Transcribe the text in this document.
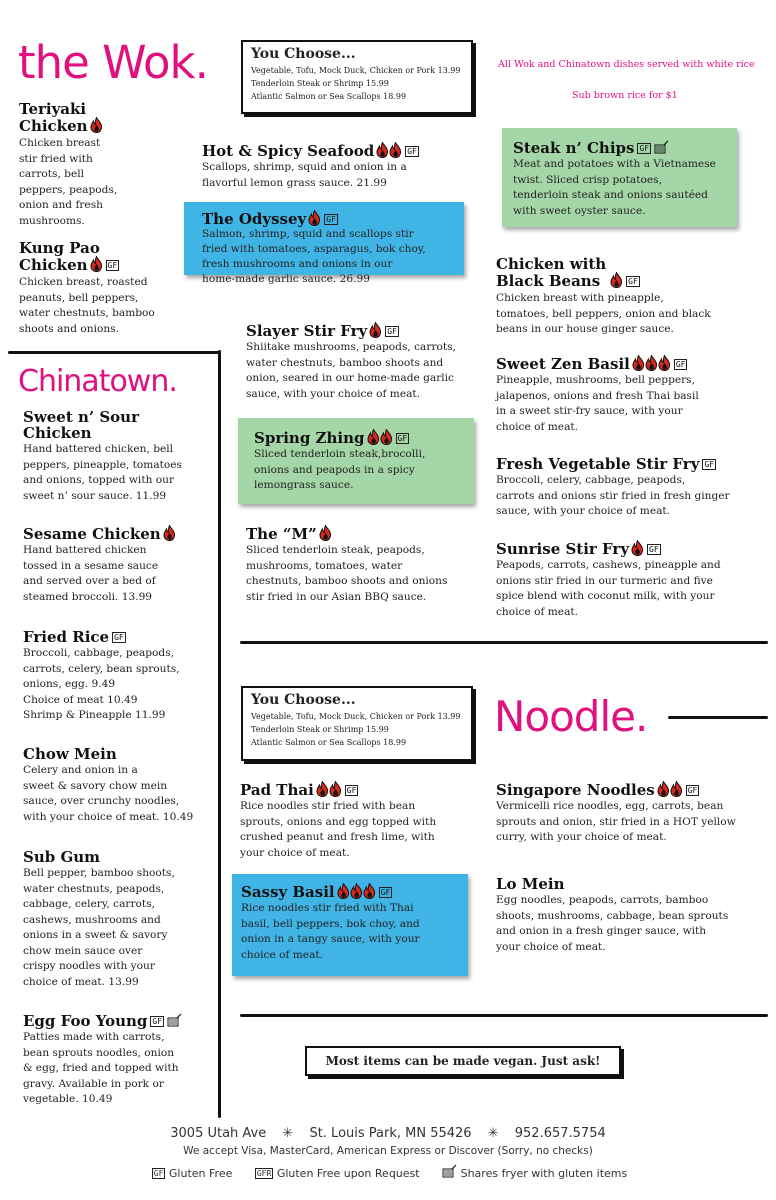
the Wok.	All Wok and Chinatown dishes served with white rice
Sub brown rice for $1
You Choose...
Vegetable, Tofu, Mock Duck, Chicken or Pork 13.99
Tenderloin Steak or Shrimp 15.99
Atlantic Salmon or Sea Scallops 18.99
Teriyaki
Chicken
Chicken breast
stir fried with
carrots, bell
peppers, peapods,
onion and fresh
mushrooms.
Kung Pao
Chicken	GF
Chicken breast, roasted
peanuts, bell peppers,
water chestnuts, bamboo
shoots and onions.
Hot & Spicy Seafood	GF
Scallops, shrimp, squid and onion in a
flavorful lemon grass sauce. 21.99
The Odyssey	GF
Salmon, shrimp, squid and scallops stir
fried with tomatoes, asparagus, bok choy,
fresh mushrooms and onions in our
home-made garlic sauce. 26.99
Slayer Stir Fry	GF
Shiitake mushrooms, peapods, carrots,
water chestnuts, bamboo shoots and
onion, seared in our home-made garlic
sauce, with your choice of meat.
Spring Zhing	GF
Sliced tenderloin steak,brocolli,
onions and peapods in a spicy
lemongrass sauce.
The “M”
Sliced tenderloin steak, peapods,
mushrooms, tomatoes, water
chestnuts, bamboo shoots and onions
stir fried in our Asian BBQ sauce.
Steak n’ Chips GF
Meat and potatoes with a Vietnamese
twist. Sliced crisp potatoes,
tenderloin steak and onions sautéed
with sweet oyster sauce.
Chicken with
Black Beans	GF
Chicken breast with pineapple,
tomatoes, bell peppers, onion and black
beans in our house ginger sauce.
Sweet Zen Basil	GF
Pineapple, mushrooms, bell peppers,
jalapenos, onions and fresh Thai basil
in a sweet stir-fry sauce, with your
choice of meat.
Fresh Vegetable Stir Fry GF
Broccoli, celery, cabbage, peapods,
carrots and onions stir fried in fresh ginger
sauce, with your choice of meat.
Sunrise Stir Fry	GF
Peapods, carrots, cashews, pineapple and
onions stir fried in our turmeric and five
spice blend with coconut milk, with your
choice of meat.
Chinatown.
Sweet n’ Sour
Chicken
Hand battered chicken, bell
peppers, pineapple, tomatoes
and onions, topped with our
sweet n’ sour sauce. 11.99
Sesame Chicken
Hand battered chicken
tossed in a sesame sauce
and served over a bed of
steamed broccoli. 13.99
Fried Rice GF
Broccoli, cabbage, peapods,
carrots, celery, bean sprouts,
onions, egg. 9.49
Choice of meat 10.49
Shrimp & Pineapple 11.99
Chow Mein
Celery and onion in a
sweet & savory chow mein
sauce, over crunchy noodles,
with your choice of meat. 10.49
Sub Gum
Bell pepper, bamboo shoots,
water chestnuts, peapods,
cabbage, celery, carrots,
cashews, mushrooms and
onions in a sweet & savory
chow mein sauce over
crispy noodles with your
choice of meat. 13.99
Egg Foo Young GF
Patties made with carrots,
bean sprouts noodles, onion
& egg, fried and topped with
gravy. Available in pork or
vegetable. 10.49
Noodle.
You Choose...
Vegetable, Tofu, Mock Duck, Chicken or Pork 13.99
Tenderloin Steak or Shrimp 15.99
Atlantic Salmon or Sea Scallops 18.99
Pad Thai	GF
Rice noodles stir fried with bean
sprouts, onions and egg topped with
crushed peanut and fresh lime, with
your choice of meat.
Sassy Basil	GF
Rice noodles stir fried with Thai
basil, bell peppers, bok choy, and
onion in a tangy sauce, with your
choice of meat.
Singapore Noodles	GF
Vermicelli rice noodles, egg, carrots, bean
sprouts and onion, stir fried in a HOT yellow
curry, with your choice of meat.
Lo Mein
Egg noodles, peapods, carrots, bamboo
shoots, mushrooms, cabbage, bean sprouts
and onion in a fresh ginger sauce, with
your choice of meat.
Most items can be made vegan. Just ask!
3005 Utah Ave ✳ St. Louis Park, MN 55426 ✳ 952.657.5754
We accept Visa, MasterCard, American Express or Discover (Sorry, no checks)
GF Gluten Free	GFR Gluten Free upon Request	Shares fryer with gluten items
